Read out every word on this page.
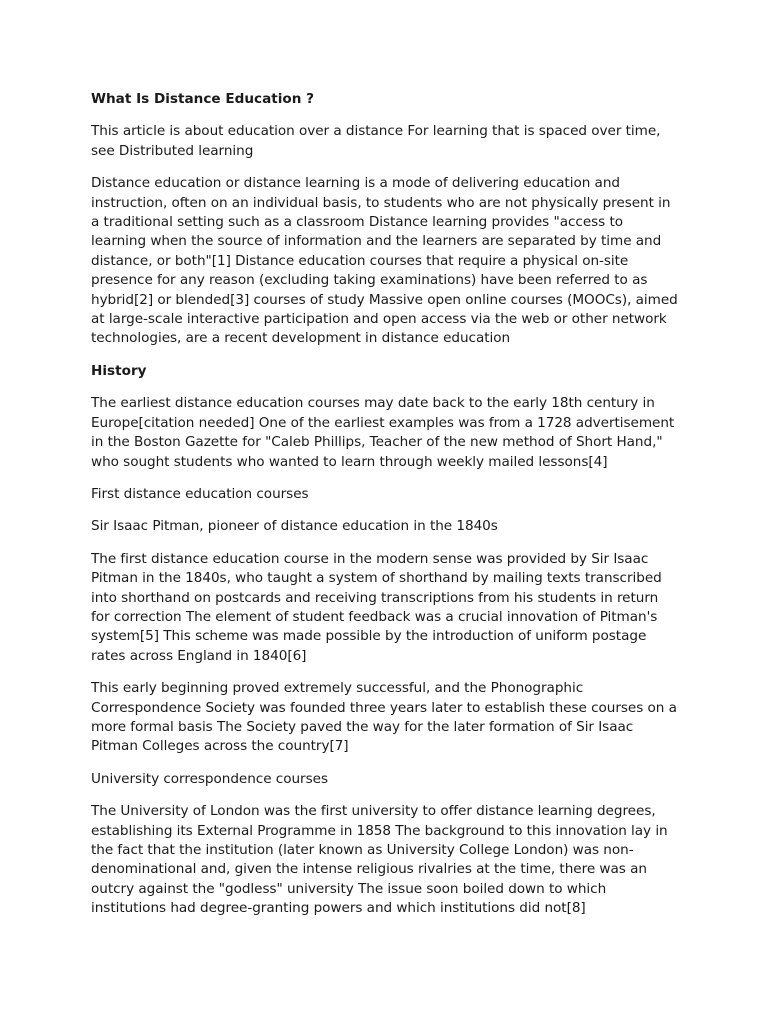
What Is Distance Education ?

This article is about education over a distance For learning that is spaced over time, see Distributed learning

Distance education or distance learning is a mode of delivering education and instruction, often on an individual basis, to students who are not physically present in a traditional setting such as a classroom Distance learning provides "access to learning when the source of information and the learners are separated by time and distance, or both"[1] Distance education courses that require a physical on-site presence for any reason (excluding taking examinations) have been referred to as hybrid[2] or blended[3] courses of study Massive open online courses (MOOCs), aimed at large-scale interactive participation and open access via the web or other network technologies, are a recent development in distance education

History

The earliest distance education courses may date back to the early 18th century in Europe[citation needed] One of the earliest examples was from a 1728 advertisement in the Boston Gazette for "Caleb Phillips, Teacher of the new method of Short Hand," who sought students who wanted to learn through weekly mailed lessons[4]

First distance education courses

Sir Isaac Pitman, pioneer of distance education in the 1840s

The first distance education course in the modern sense was provided by Sir Isaac Pitman in the 1840s, who taught a system of shorthand by mailing texts transcribed into shorthand on postcards and receiving transcriptions from his students in return for correction The element of student feedback was a crucial innovation of Pitman's system[5] This scheme was made possible by the introduction of uniform postage rates across England in 1840[6]

This early beginning proved extremely successful, and the Phonographic Correspondence Society was founded three years later to establish these courses on a more formal basis The Society paved the way for the later formation of Sir Isaac Pitman Colleges across the country[7]

University correspondence courses

The University of London was the first university to offer distance learning degrees, establishing its External Programme in 1858 The background to this innovation lay in the fact that the institution (later known as University College London) was non-denominational and, given the intense religious rivalries at the time, there was an outcry against the "godless" university The issue soon boiled down to which institutions had degree-granting powers and which institutions did not[8]
